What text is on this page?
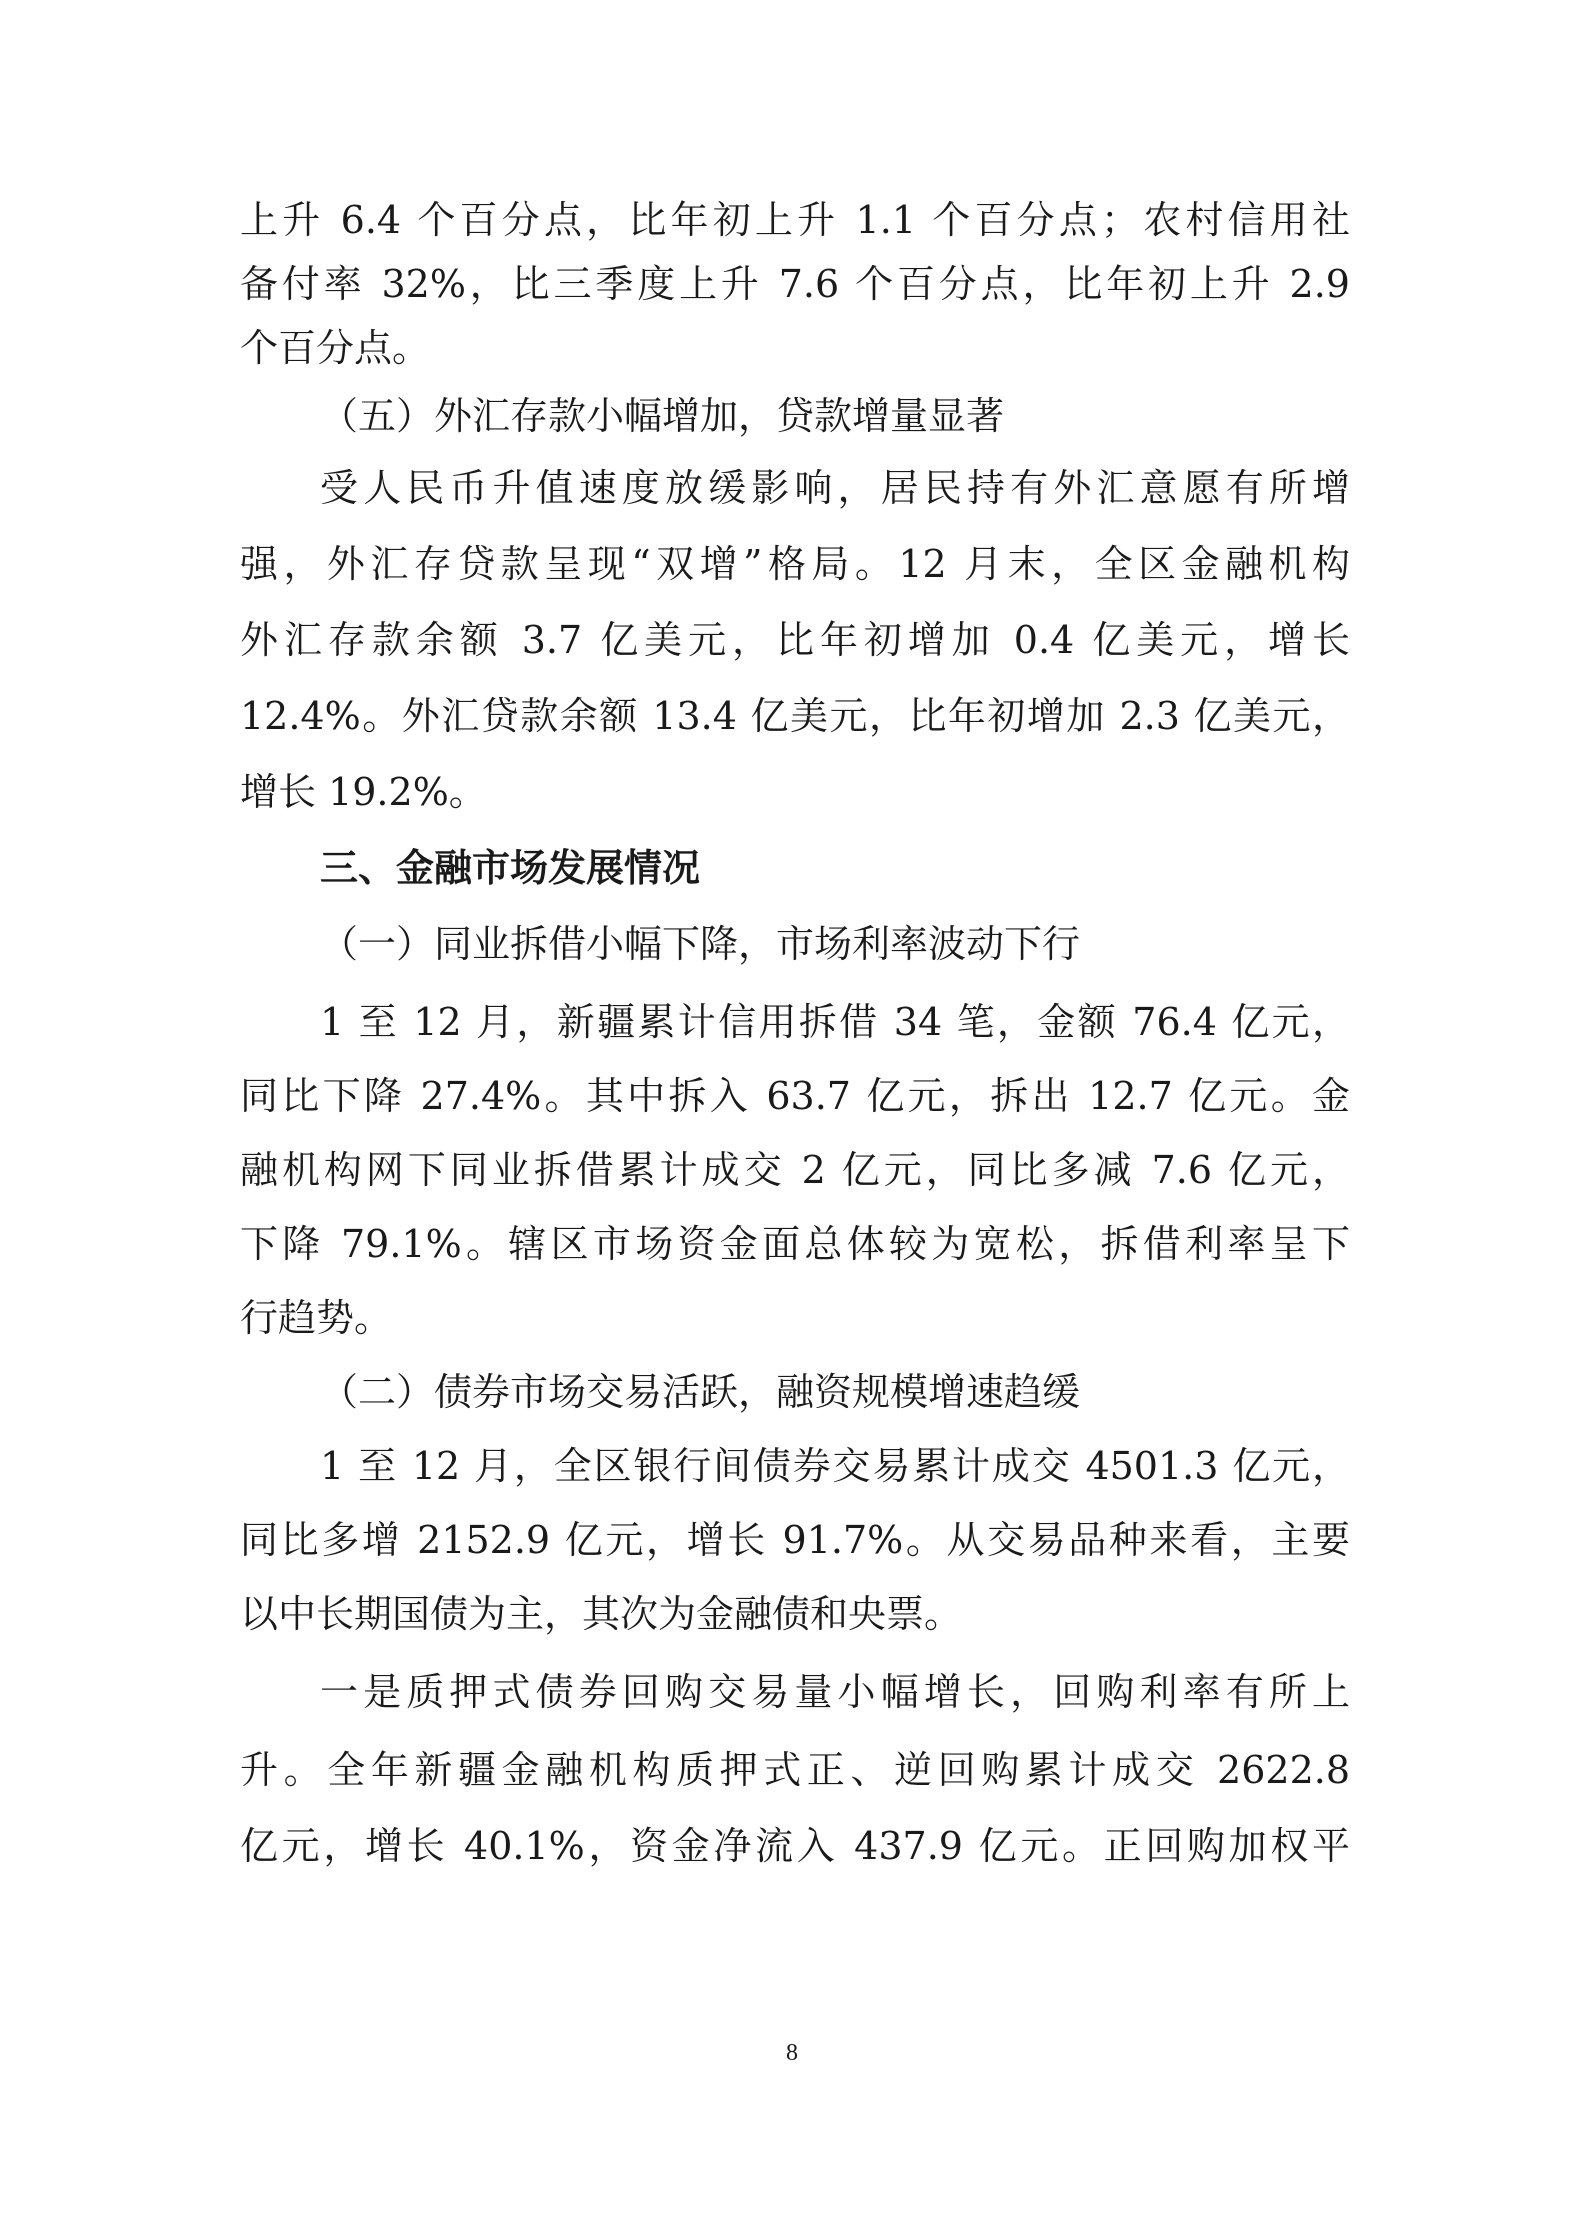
上升 6.4 个百分点，比年初上升 1.1 个百分点；农村信用社
备付率 32%，比三季度上升 7.6 个百分点，比年初上升 2.9
个百分点。
（五）外汇存款小幅增加，贷款增量显著
受人民币升值速度放缓影响，居民持有外汇意愿有所增
强，外汇存贷款呈现“双增”格局。12 月末，全区金融机构
外汇存款余额 3.7 亿美元，比年初增加 0.4 亿美元，增长
12.4%。外汇贷款余额 13.4 亿美元，比年初增加 2.3 亿美元，
增长 19.2%。
三、金融市场发展情况
（一）同业拆借小幅下降，市场利率波动下行
1 至 12 月，新疆累计信用拆借 34 笔，金额 76.4 亿元，
同比下降 27.4%。其中拆入 63.7 亿元，拆出 12.7 亿元。金
融机构网下同业拆借累计成交 2 亿元，同比多减 7.6 亿元，
下降 79.1%。辖区市场资金面总体较为宽松，拆借利率呈下
行趋势。
（二）债券市场交易活跃，融资规模增速趋缓
1 至 12 月，全区银行间债券交易累计成交 4501.3 亿元，
同比多增 2152.9 亿元，增长 91.7%。从交易品种来看，主要
以中长期国债为主，其次为金融债和央票。
一是质押式债券回购交易量小幅增长，回购利率有所上
升。全年新疆金融机构质押式正、逆回购累计成交 2622.8
亿元，增长 40.1%，资金净流入 437.9 亿元。正回购加权平
8
